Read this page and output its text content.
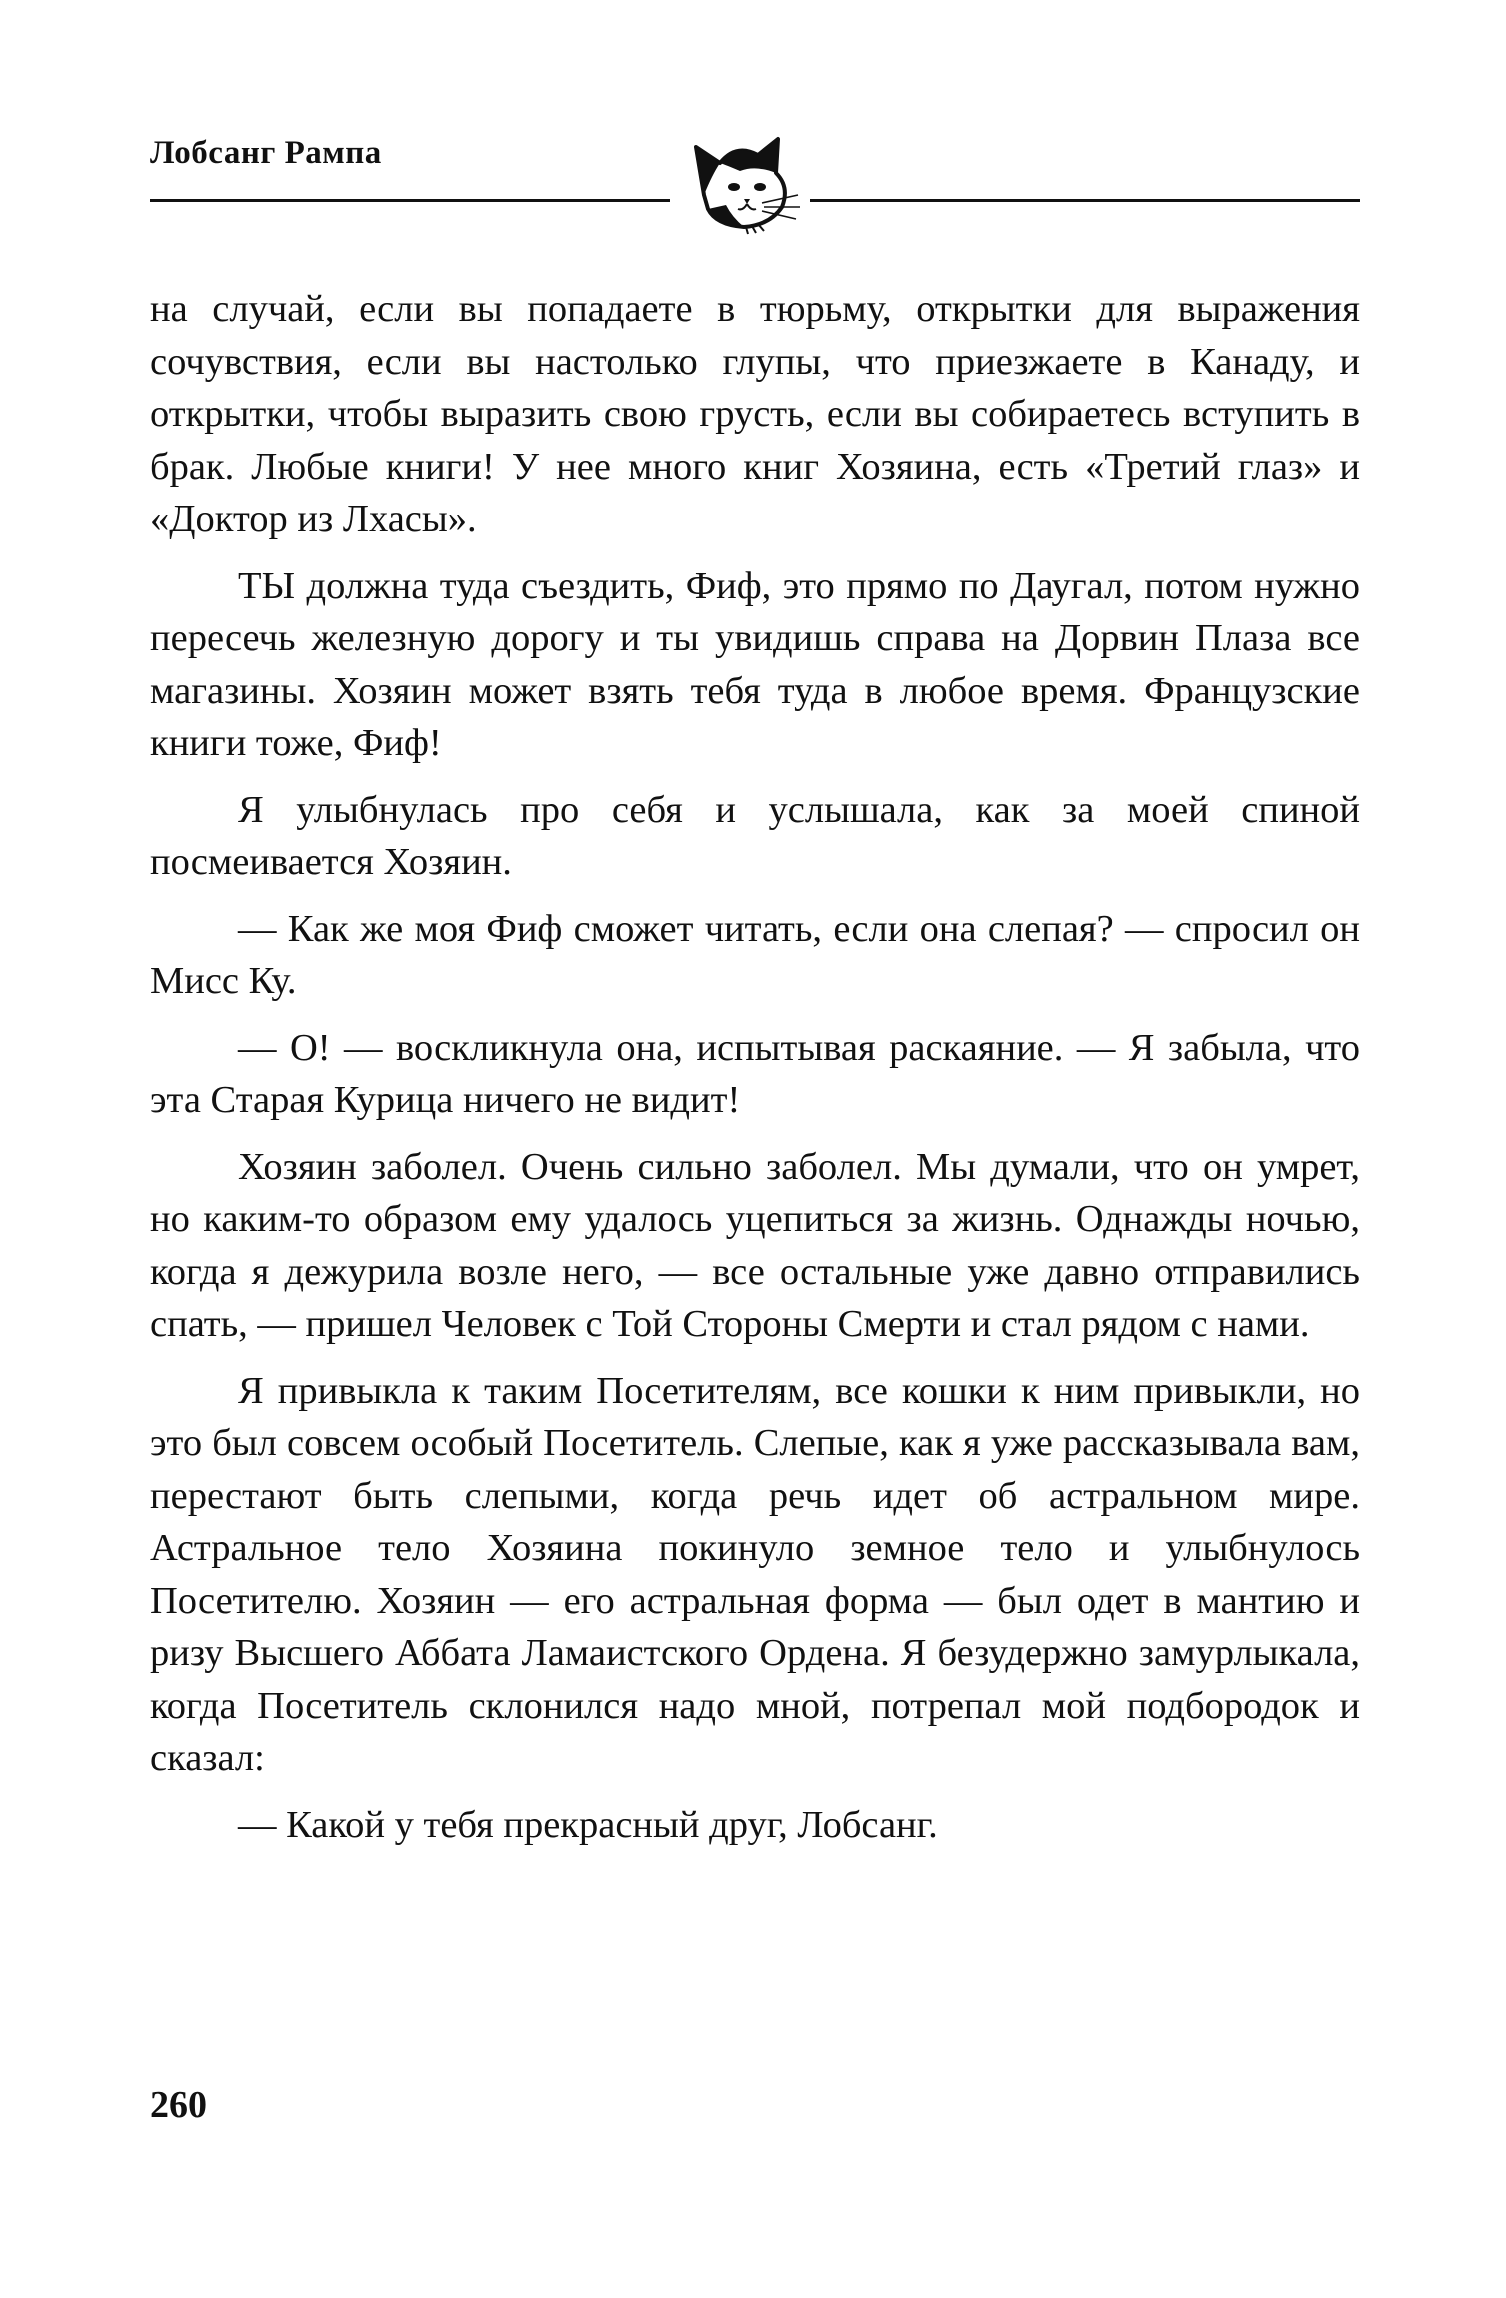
Лобсанг Рампа

на случай, если вы попадаете в тюрьму, открытки для выражения сочувствия, если вы настолько глупы, что приезжаете в Канаду, и открытки, чтобы выразить свою грусть, если вы собираетесь вступить в брак. Любые книги! У нее много книг Хозяина, есть «Третий глаз» и «Доктор из Лхасы».

ТЫ должна туда съездить, Фиф, это прямо по Даугал, потом нужно пересечь железную дорогу и ты увидишь справа на Дорвин Плаза все магазины. Хозяин может взять тебя туда в любое время. Французские книги тоже, Фиф!

Я улыбнулась про себя и услышала, как за моей спиной посмеивается Хозяин.

— Как же моя Фиф сможет читать, если она слепая? — спросил он Мисс Ку.

— О! — воскликнула она, испытывая раскаяние. — Я забыла, что эта Старая Курица ничего не видит!

Хозяин заболел. Очень сильно заболел. Мы думали, что он умрет, но каким-то образом ему удалось уцепиться за жизнь. Однажды ночью, когда я дежурила возле него, — все остальные уже давно отправились спать, — пришел Человек с Той Стороны Смерти и стал рядом с нами.

Я привыкла к таким Посетителям, все кошки к ним привыкли, но это был совсем особый Посетитель. Слепые, как я уже рассказывала вам, перестают быть слепыми, когда речь идет об астральном мире. Астральное тело Хозяина покинуло земное тело и улыбнулось Посетителю. Хозяин — его астральная форма — был одет в мантию и ризу Высшего Аббата Ламаистского Ордена. Я безудержно замурлыкала, когда Посетитель склонился надо мной, потрепал мой подбородок и сказал:

— Какой у тебя прекрасный друг, Лобсанг.

260
